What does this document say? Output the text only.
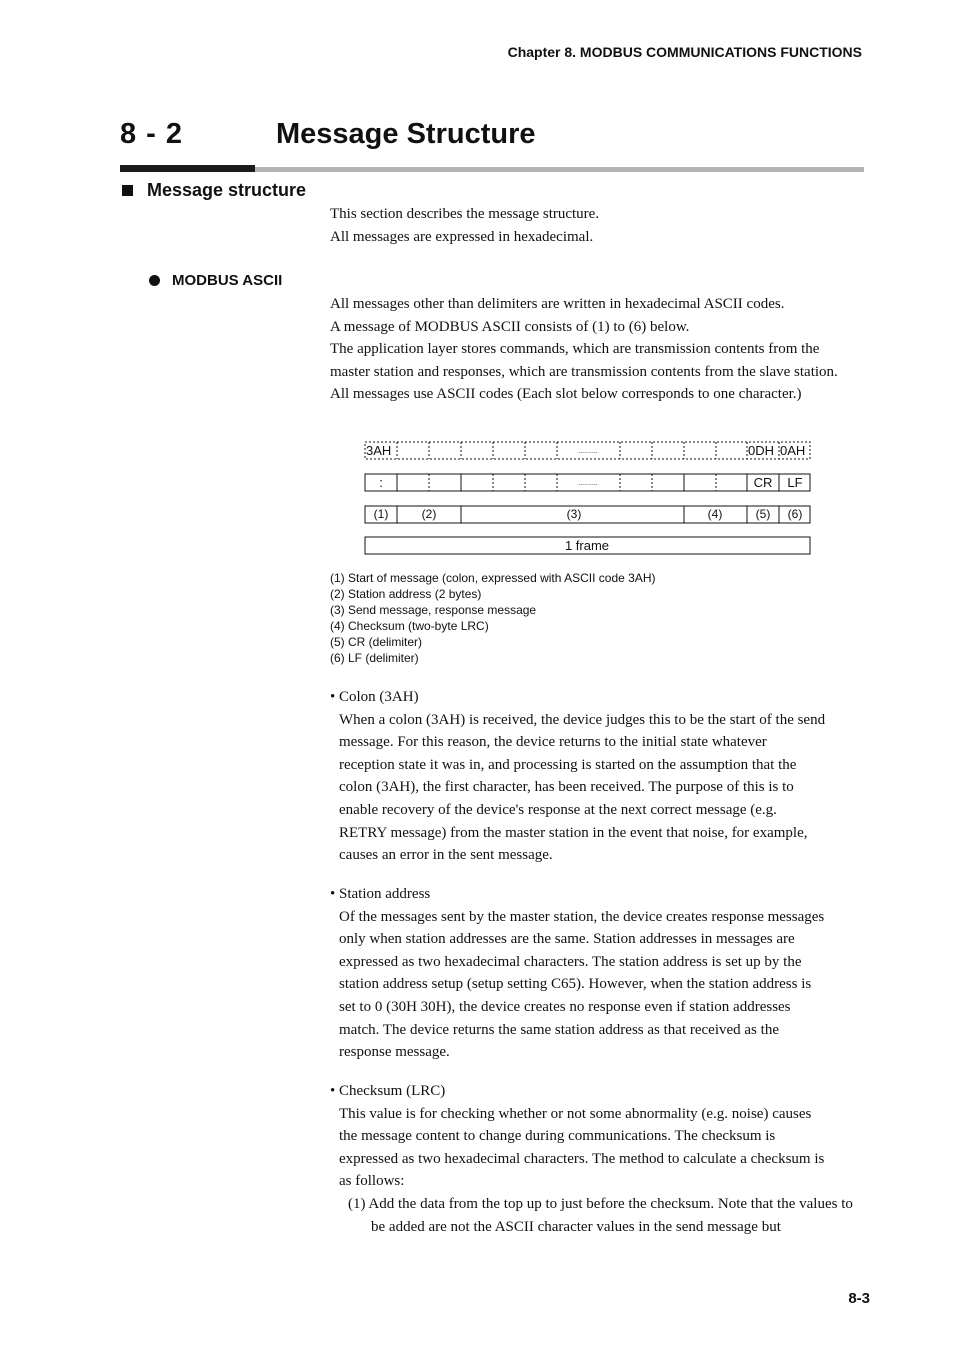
Chapter 8. MODBUS COMMUNICATIONS FUNCTIONS
8 - 2	Message Structure
Message structure
This section describes the message structure.
All messages are expressed in hexadecimal.
MODBUS ASCII
All messages other than delimiters are written in hexadecimal ASCII codes.
A message of MODBUS ASCII consists of (1) to (6) below.
The application layer stores commands, which are transmission contents from the master station and responses, which are transmission contents from the slave station.
All messages use ASCII codes (Each slot below corresponds to one character.)
3AH	..........	0DH 0AH
:	..........	CR LF
(1)	(2)	(3)	(4)	(5) (6)
1 frame
(1) Start of message (colon, expressed with ASCII code 3AH)
(2) Station address (2 bytes)
(3) Send message, response message
(4) Checksum (two-byte LRC)
(5) CR (delimiter)
(6) LF (delimiter)
• Colon (3AH)
When a colon (3AH) is received, the device judges this to be the start of the send
message. For this reason, the device returns to the initial state whatever
reception state it was in, and processing is started on the assumption that the
colon (3AH), the first character, has been received. The purpose of this is to
enable recovery of the device's response at the next correct message (e.g.
RETRY message) from the master station in the event that noise, for example,
causes an error in the sent message.
• Station address
Of the messages sent by the master station, the device creates response messages
only when station addresses are the same. Station addresses in messages are
expressed as two hexadecimal characters. The station address is set up by the
station address setup (setup setting C65). However, when the station address is
set to 0 (30H 30H), the device creates no response even if station addresses
match. The device returns the same station address as that received as the
response message.
• Checksum (LRC)
This value is for checking whether or not some abnormality (e.g. noise) causes
the message content to change during communications. The checksum is
expressed as two hexadecimal characters. The method to calculate a checksum is
as follows:
(1) Add the data from the top up to just before the checksum. Note that the values to be added are not the ASCII character values in the send message but
8-3
